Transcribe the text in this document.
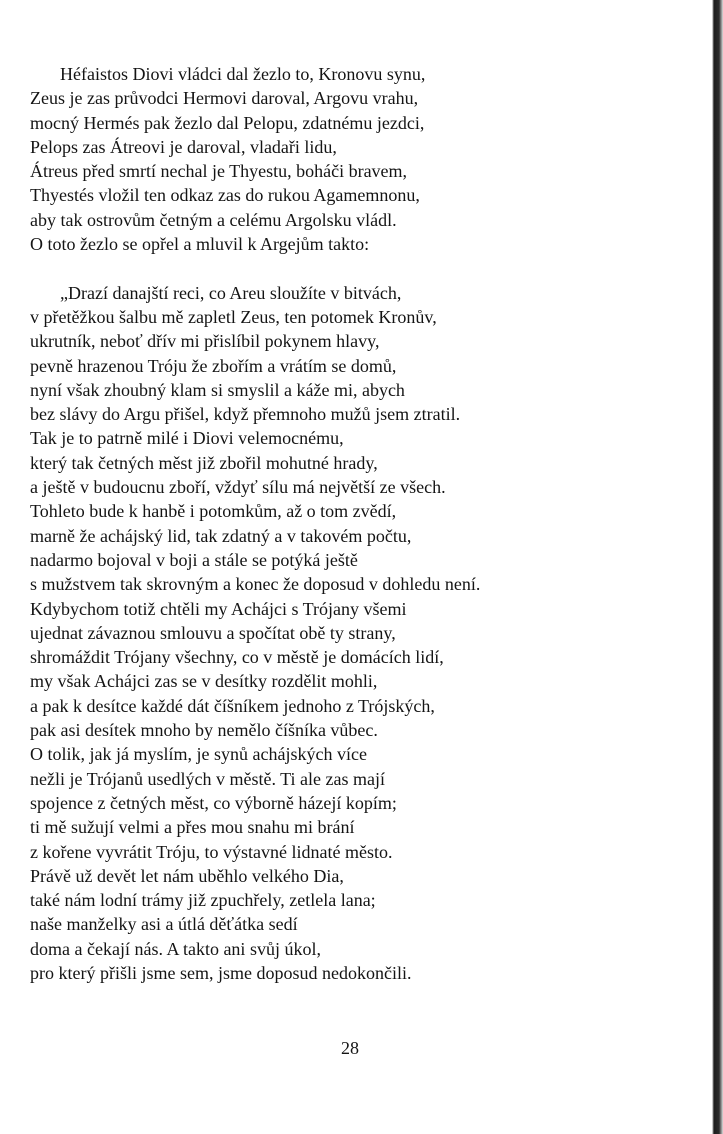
Héfaistos Diovi vládci dal žezlo to, Kronovu synu,
Zeus je zas průvodci Hermovi daroval, Argovu vrahu,
mocný Hermés pak žezlo dal Pelopu, zdatnému jezdci,
Pelops zas Átreovi je daroval, vladaři lidu,
Átreus před smrtí nechal je Thyestu, boháči bravem,
Thyestés vložil ten odkaz zas do rukou Agamemnonu,
aby tak ostrovům četným a celému Argolsku vládl.
O toto žezlo se opřel a mluvil k Argejům takto:
„Drazí danajští reci, co Areu sloužíte v bitvách,
v přetěžkou šalbu mě zapletl Zeus, ten potomek Kronův,
ukrutník, neboť dřív mi přislíbil pokynem hlavy,
pevně hrazenou Tróju že zbořím a vrátím se domů,
nyní však zhoubný klam si smyslil a káže mi, abych
bez slávy do Argu přišel, když přemnoho mužů jsem ztratil.
Tak je to patrně milé i Diovi velemocnému,
který tak četných měst již zbořil mohutné hrady,
a ještě v budoucnu zboří, vždyť sílu má největší ze všech.
Tohleto bude k hanbě i potomkům, až o tom zvědí,
marně že achájský lid, tak zdatný a v takovém počtu,
nadarmo bojoval v boji a stále se potýká ještě
s mužstvem tak skrovným a konec že doposud v dohledu není.
Kdybychom totiž chtěli my Achájci s Trójany všemi
ujednat závaznou smlouvu a spočítat obě ty strany,
shromáždit Trójany všechny, co v městě je domácích lidí,
my však Achájci zas se v desítky rozdělit mohli,
a pak k desítce každé dát číšníkem jednoho z Trójských,
pak asi desítek mnoho by nemělo číšníka vůbec.
O tolik, jak já myslím, je synů achájských více
nežli je Trójanů usedlých v městě. Ti ale zas mají
spojence z četných měst, co výborně házejí kopím;
ti mě sužují velmi a přes mou snahu mi brání
z kořene vyvrátit Tróju, to výstavné lidnaté město.
Právě už devět let nám uběhlo velkého Dia,
také nám lodní trámy již zpuchřely, zetlela lana;
naše manželky asi a útlá děťátka sedí
doma a čekají nás. A takto ani svůj úkol,
pro který přišli jsme sem, jsme doposud nedokončili.
28
